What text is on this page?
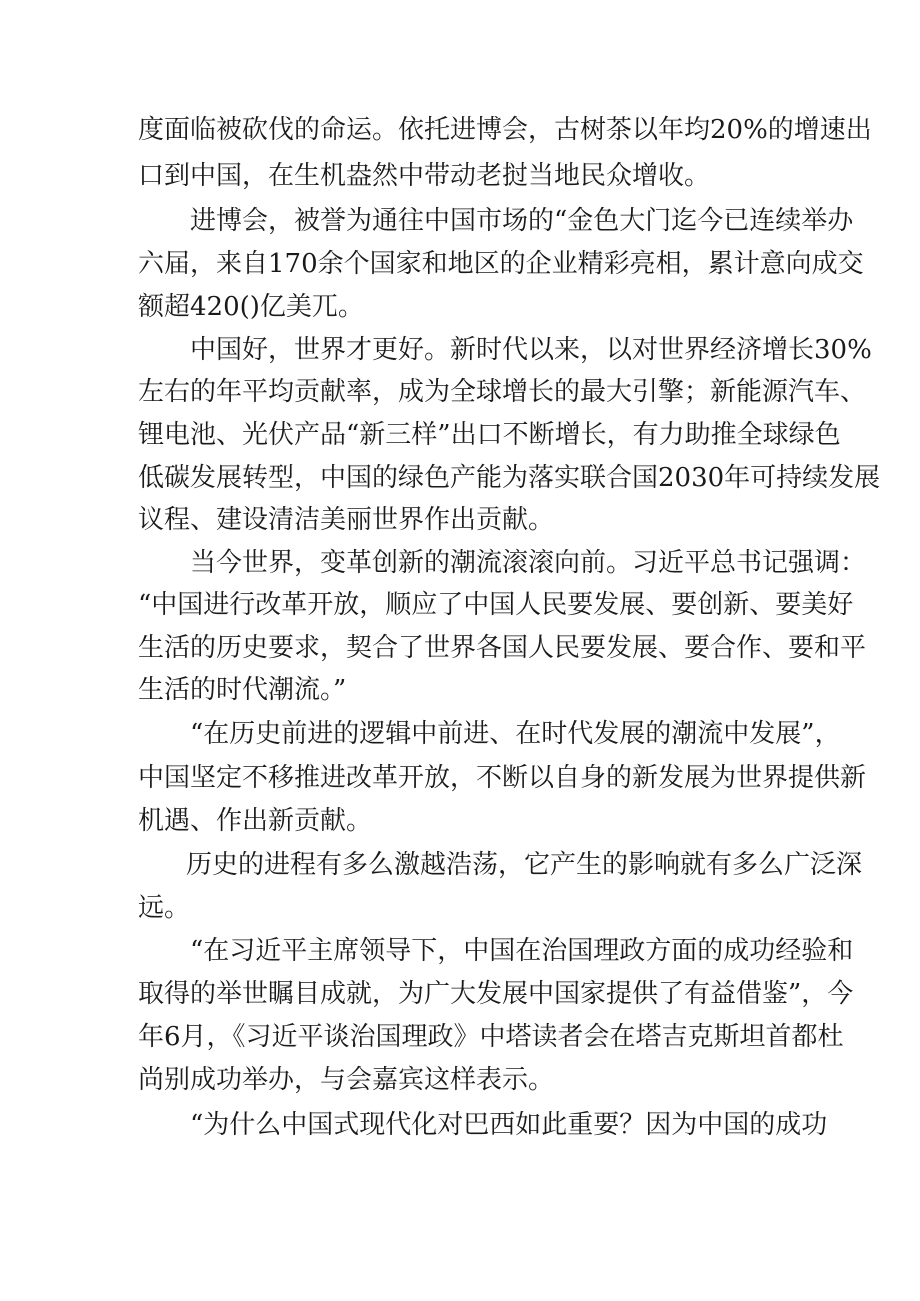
度面临被砍伐的命运。依托进博会，古树茶以年均20%的增速出
口到中国，在生机盎然中带动老挝当地民众增收。
进博会，被誉为通往中国市场的“金色大门迄今已连续举办
六届，来自170余个国家和地区的企业精彩亮相，累计意向成交
额超420()亿美兀。
中国好，世界才更好。新时代以来，以对世界经济增长30%
左右的年平均贡献率，成为全球增长的最大引擎；新能源汽车、
锂电池、光伏产品“新三样”出口不断增长，有力助推全球绿色
低碳发展转型，中国的绿色产能为落实联合国2030年可持续发展
议程、建设清洁美丽世界作出贡献。
当今世界，变革创新的潮流滚滚向前。习近平总书记强调：
“中国进行改革开放，顺应了中国人民要发展、要创新、要美好
生活的历史要求，契合了世界各国人民要发展、要合作、要和平
生活的时代潮流。”
“在历史前进的逻辑中前进、在时代发展的潮流中发展”，
中国坚定不移推进改革开放，不断以自身的新发展为世界提供新
机遇、作出新贡献。
历史的进程有多么激越浩荡，它产生的影响就有多么广泛深
远。
“在习近平主席领导下，中国在治国理政方面的成功经验和
取得的举世瞩目成就，为广大发展中国家提供了有益借鉴”，今
年6月，《习近平谈治国理政》中塔读者会在塔吉克斯坦首都杜
尚别成功举办，与会嘉宾这样表示。
“为什么中国式现代化对巴西如此重要？因为中国的成功
